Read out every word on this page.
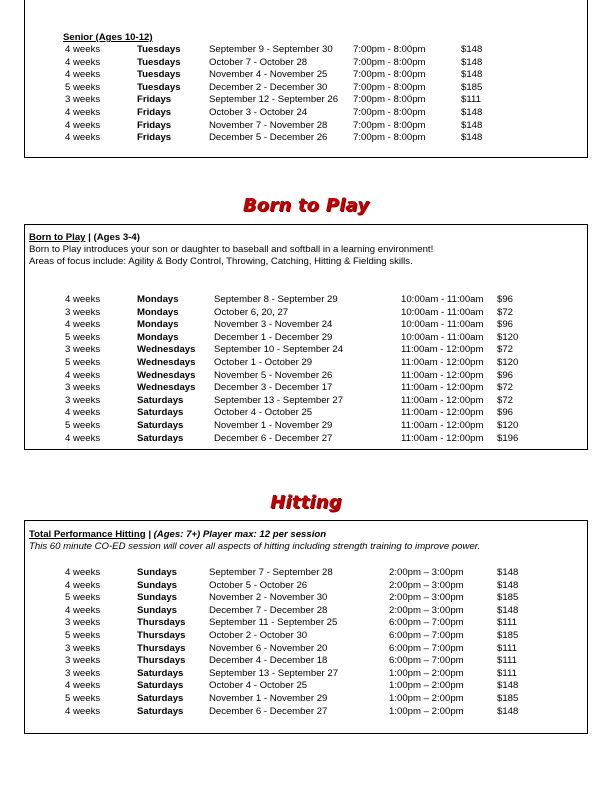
Senior (Ages 10-12)
4 weeks	Tuesdays	September 9 - September 30 7:00pm - 8:00pm	$148
4 weeks	Tuesdays	October 7 - October 28	7:00pm - 8:00pm	$148
4 weeks	Tuesdays	November 4 - November 25	7:00pm - 8:00pm	$148
5 weeks	Tuesdays	December 2 - December 30	7:00pm - 8:00pm	$185
3 weeks	Fridays	September 12 - September 26 7:00pm - 8:00pm	$111
4 weeks	Fridays	October 3 - October 24	7:00pm - 8:00pm	$148
4 weeks	Fridays	November 7 - November 28	7:00pm - 8:00pm	$148
4 weeks	Fridays	December 5 - December 26	7:00pm - 8:00pm	$148
Born to Play
Born to Play | (Ages 3-4)
Born to Play introduces your son or daughter to baseball and softball in a learning environment!
Areas of focus include: Agility & Body Control, Throwing, Catching, Hitting & Fielding skills.
4 weeks	Mondays	September 8 - September 29	10:00am - 11:00am $96
3 weeks	Mondays	October 6, 20, 27	10:00am - 11:00am $72
4 weeks	Mondays	November 3 - November 24	10:00am - 11:00am $96
5 weeks	Mondays	December 1 - December 29	10:00am - 11:00am $120
3 weeks	Wednesdays September 10 - September 24	11:00am - 12:00pm $72
5 weeks	Wednesdays October 1 - October 29	11:00am - 12:00pm $120
4 weeks	Wednesdays November 5 - November 26	11:00am - 12:00pm $96
3 weeks	Wednesdays December 3 - December 17	11:00am - 12:00pm $72
3 weeks	Saturdays	September 13 - September 27	11:00am - 12:00pm $72
4 weeks	Saturdays	October 4 - October 25	11:00am - 12:00pm $96
5 weeks	Saturdays	November 1 - November 29	11:00am - 12:00pm $120
4 weeks	Saturdays	December 6 - December 27	11:00am - 12:00pm $196
Hitting
Total Performance Hitting | (Ages: 7+) Player max: 12 per session
This 60 minute CO-ED session will cover all aspects of hitting including strength training to improve power.
4 weeks	Sundays	September 7 - September 28	2:00pm – 3:00pm	$148
4 weeks	Sundays	October 5 - October 26	2:00pm – 3:00pm	$148
5 weeks	Sundays	November 2 - November 30	2:00pm – 3:00pm	$185
4 weeks	Sundays	December 7 - December 28	2:00pm – 3:00pm	$148
3 weeks	Thursdays September 11 - September 25	6:00pm – 7:00pm	$111
5 weeks	Thursdays October 2 - October 30	6:00pm – 7:00pm	$185
3 weeks	Thursdays November 6 - November 20	6:00pm – 7:00pm	$111
3 weeks	Thursdays December 4 - December 18	6:00pm – 7:00pm	$111
3 weeks	Saturdays	September 13 - September 27	1:00pm – 2:00pm	$111
4 weeks	Saturdays	October 4 - October 25	1:00pm – 2:00pm	$148
5 weeks	Saturdays	November 1 - November 29	1:00pm – 2:00pm	$185
4 weeks	Saturdays	December 6 - December 27	1:00pm – 2:00pm	$148
